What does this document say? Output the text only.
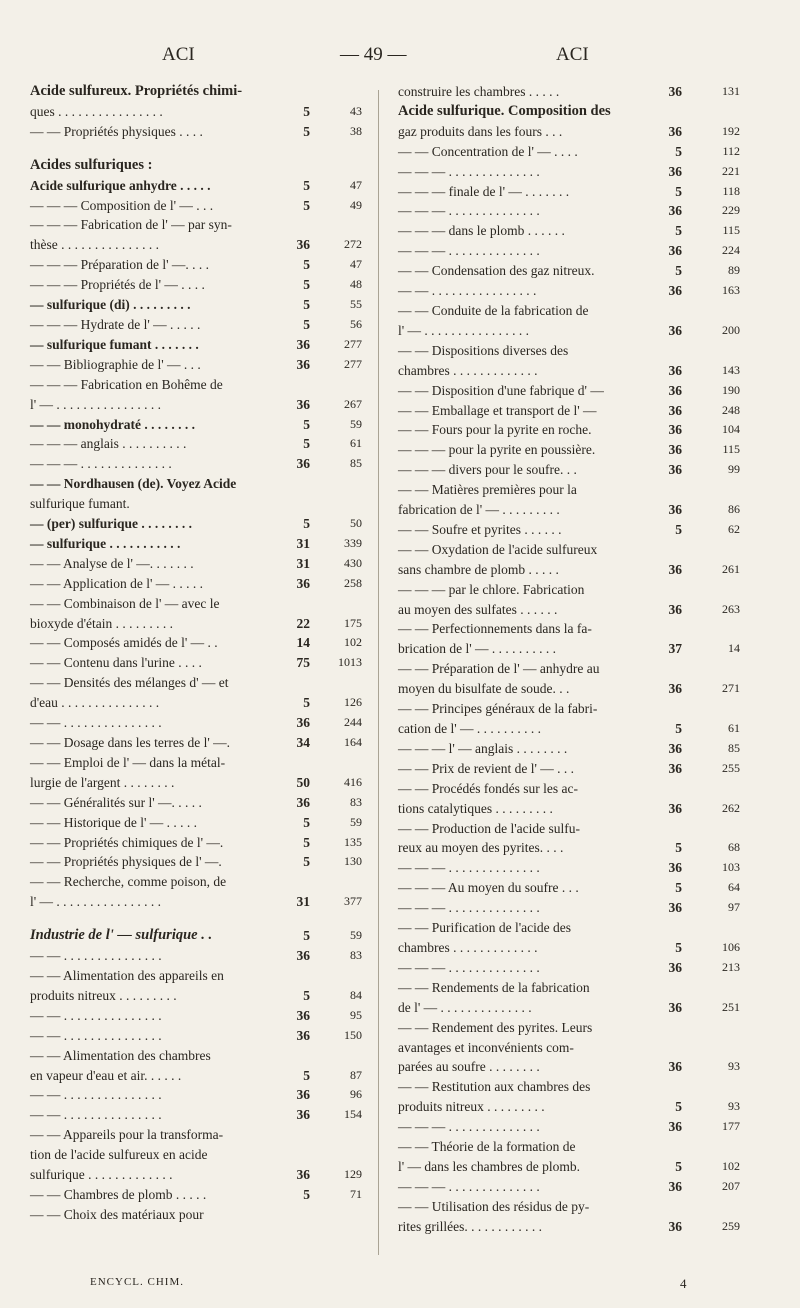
ACI	— 49 —	ACI
Acide sulfureux. Propriétés chimi-
ques . . . . . . . . . . . . . . . .	5	43
— — Propriétés physiques . . . .	5	38
Acides sulfuriques :
Acide sulfurique anhydre . . . . .	5	47
— — — Composition de l' — . . .	5	49
— — — Fabrication de l' — par syn-
thèse . . . . . . . . . . . . . . .	36	272
— — — Préparation de l' —. . . .	5	47
— — — Propriétés de l' — . . . .	5	48
— sulfurique (di) . . . . . . . . .	5	55
— — — Hydrate de l' — . . . . .	5	56
— sulfurique fumant . . . . . . .	36	277
— — Bibliographie de l' — . . .	36	277
— — — Fabrication en Bohême de
l' — . . . . . . . . . . . . . . . .	36	267
— — monohydraté . . . . . . . .	5	59
— — — anglais . . . . . . . . . .	5	61
— — — . . . . . . . . . . . . . .	36	85
— — Nordhausen (de). Voyez Acide
sulfurique fumant.
— (per) sulfurique . . . . . . . .	5	50
— sulfurique . . . . . . . . . . .	31	339
— — Analyse de l' —. . . . . . .	31	430
— — Application de l' — . . . . .	36	258
— — Combinaison de l' — avec le
bioxyde d'étain . . . . . . . . .	22	175
— — Composés amidés de l' — . .	14	102
— — Contenu dans l'urine . . . .	75	1013
— — Densités des mélanges d' — et
d'eau . . . . . . . . . . . . . . .	5	126
— — . . . . . . . . . . . . . . .	36	244
— — Dosage dans les terres de l' —.	34	164
— — Emploi de l' — dans la métal-
lurgie de l'argent . . . . . . . .	50	416
— — Généralités sur l' —. . . . .	36	83
— — Historique de l' — . . . . .	5	59
— — Propriétés chimiques de l' —.	5	135
— — Propriétés physiques de l' —.	5	130
— — Recherche, comme poison, de
l' — . . . . . . . . . . . . . . . .	31	377
Industrie de l' — sulfurique . .	5	59
— — . . . . . . . . . . . . . . .	36	83
— — Alimentation des appareils en
produits nitreux . . . . . . . . .	5	84
— — . . . . . . . . . . . . . . .	36	95
— — . . . . . . . . . . . . . . .	36	150
— — Alimentation des chambres
en vapeur d'eau et air. . . . . .	5	87
— — . . . . . . . . . . . . . . .	36	96
— — . . . . . . . . . . . . . . .	36	154
— — Appareils pour la transforma-
tion de l'acide sulfureux en acide
sulfurique . . . . . . . . . . . . .	36	129
— — Chambres de plomb . . . . .	5	71
— — Choix des matériaux pour
construire les chambres . . . . .	36	131
Acide sulfurique. Composition des
gaz produits dans les fours . . .	36	192
— — Concentration de l' — . . . .	5	112
— — — . . . . . . . . . . . . . .	36	221
— — — finale de l' — . . . . . . .	5	118
— — — . . . . . . . . . . . . . .	36	229
— — — dans le plomb . . . . . .	5	115
— — — . . . . . . . . . . . . . .	36	224
— — Condensation des gaz nitreux.	5	89
— — . . . . . . . . . . . . . . . .	36	163
— — Conduite de la fabrication de
l' — . . . . . . . . . . . . . . . .	36	200
— — Dispositions diverses des
chambres . . . . . . . . . . . . .	36	143
— — Disposition d'une fabrique d' —	36	190
— — Emballage et transport de l' —	36	248
— — Fours pour la pyrite en roche.	36	104
— — — pour la pyrite en poussière.	36	115
— — — divers pour le soufre. . .	36	99
— — Matières premières pour la
fabrication de l' — . . . . . . . . .	36	86
— — Soufre et pyrites . . . . . .	5	62
— — Oxydation de l'acide sulfureux
sans chambre de plomb . . . . .	36	261
— — — par le chlore. Fabrication
au moyen des sulfates . . . . . .	36	263
— — Perfectionnements dans la fa-
brication de l' — . . . . . . . . . .	37	14
— — Préparation de l' — anhydre au
moyen du bisulfate de soude. . .	36	271
— — Principes généraux de la fabri-
cation de l' — . . . . . . . . . .	5	61
— — — l' — anglais . . . . . . . .	36	85
— — Prix de revient de l' — . . .	36	255
— — Procédés fondés sur les ac-
tions catalytiques . . . . . . . . .	36	262
— — Production de l'acide sulfu-
reux au moyen des pyrites. . . .	5	68
— — — . . . . . . . . . . . . . .	36	103
— — — Au moyen du soufre . . .	5	64
— — — . . . . . . . . . . . . . .	36	97
— — Purification de l'acide des
chambres . . . . . . . . . . . . .	5	106
— — — . . . . . . . . . . . . . .	36	213
— — Rendements de la fabrication
de l' — . . . . . . . . . . . . . .	36	251
— — Rendement des pyrites. Leurs
avantages et inconvénients com-
parées au soufre . . . . . . . .	36	93
— — Restitution aux chambres des
produits nitreux . . . . . . . . .	5	93
— — — . . . . . . . . . . . . . .	36	177
— — Théorie de la formation de
l' — dans les chambres de plomb.	5	102
— — — . . . . . . . . . . . . . .	36	207
— — Utilisation des résidus de py-
rites grillées. . . . . . . . . . . .	36	259
ENCYCL. CHIM.	4
